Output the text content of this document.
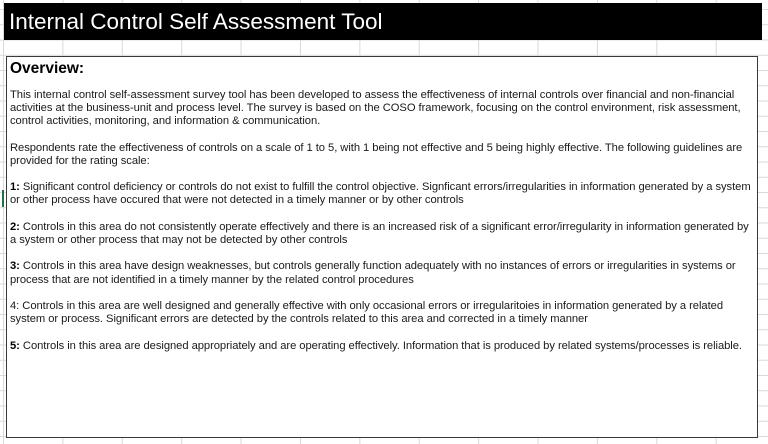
Internal Control Self Assessment Tool
Overview:

This internal control self-assessment survey tool has been developed to assess the effectiveness of internal controls over financial and non-financial activities at the business-unit and process level. The survey is based on the COSO framework, focusing on the control environment, risk assessment, control activities, monitoring, and information & communication.

Respondents rate the effectiveness of controls on a scale of 1 to 5, with 1 being not effective and 5 being highly effective. The following guidelines are provided for the rating scale:

1: Significant control deficiency or controls do not exist to fulfill the control objective. Signficant errors/irregularities in information generated by a system or other process have occured that were not detected in a timely manner or by other controls

2: Controls in this area do not consistently operate effectively and there is an increased risk of a significant error/irregularity in information generated by a system or other process that may not be detected by other controls

3: Controls in this area have design weaknesses, but controls generally function adequately with no instances of errors or irregularities in systems or process that are not identified in a timely manner by the related control procedures

4: Controls in this area are well designed and generally effective with only occasional errors or irregularitoies in information generated by a related system or process. Significant errors are detected by the controls related to this area and corrected in a timely manner

5: Controls in this area are designed appropriately and are operating effectively. Information that is produced by related systems/processes is reliable.
